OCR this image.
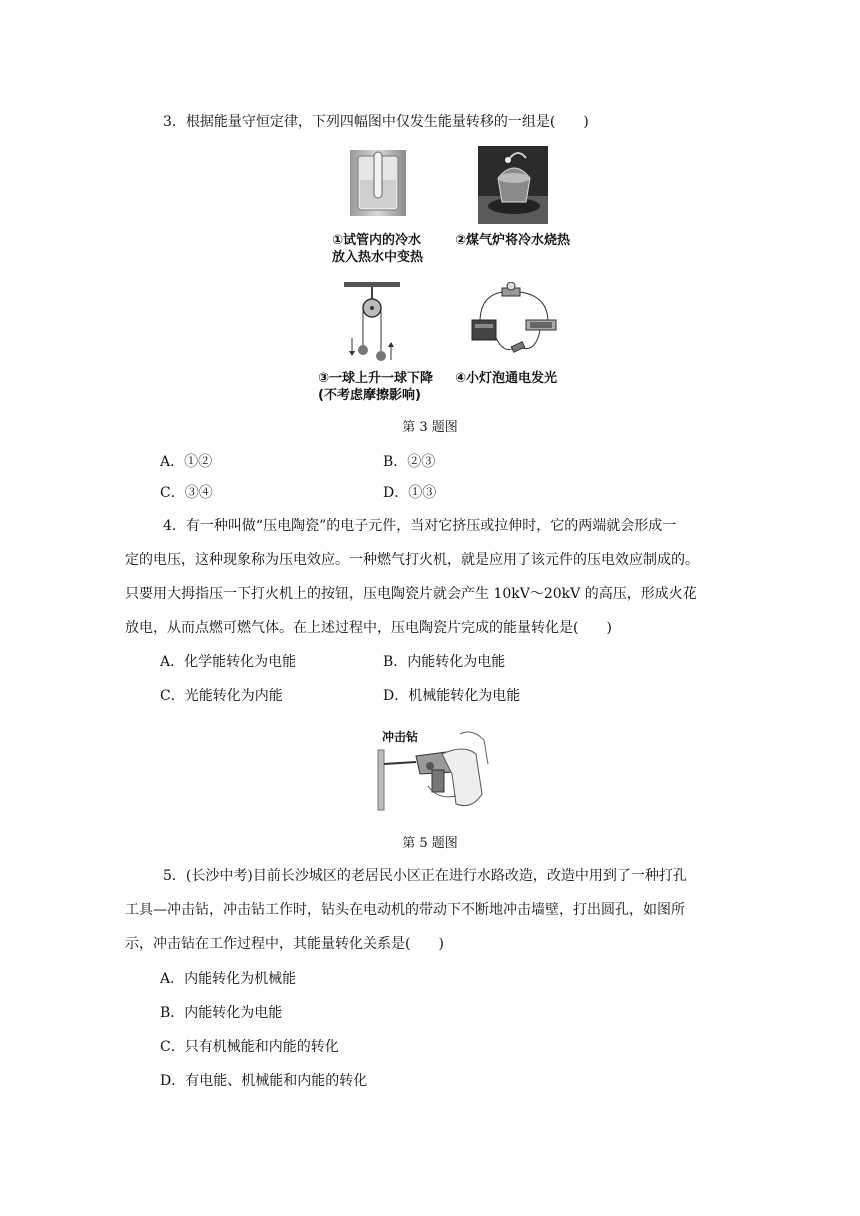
3．根据能量守恒定律，下列四幅图中仅发生能量转移的一组是(　　)
①试管内的冷水
放入热水中变热
②煤气炉将冷水烧热
③一球上升一球下降
(不考虑摩擦影响)
④小灯泡通电发光
第 3 题图
A．①②	B．②③
C．③④	D．①③
4．有一种叫做“压电陶瓷”的电子元件，当对它挤压或拉伸时，它的两端就会形成一
定的电压，这种现象称为压电效应。一种燃气打火机，就是应用了该元件的压电效应制成的。
只要用大拇指压一下打火机上的按钮，压电陶瓷片就会产生 10kV～20kV 的高压，形成火花
放电，从而点燃可燃气体。在上述过程中，压电陶瓷片完成的能量转化是(　　)
A．化学能转化为电能	B．内能转化为电能
C．光能转化为内能	D．机械能转化为电能
冲击钻
第 5 题图
5．(长沙中考)目前长沙城区的老居民小区正在进行水路改造，改造中用到了一种打孔
工具—冲击钻，冲击钻工作时，钻头在电动机的带动下不断地冲击墙壁，打出圆孔，如图所
示，冲击钻在工作过程中，其能量转化关系是(　　)
A．内能转化为机械能
B．内能转化为电能
C．只有机械能和内能的转化
D．有电能、机械能和内能的转化
